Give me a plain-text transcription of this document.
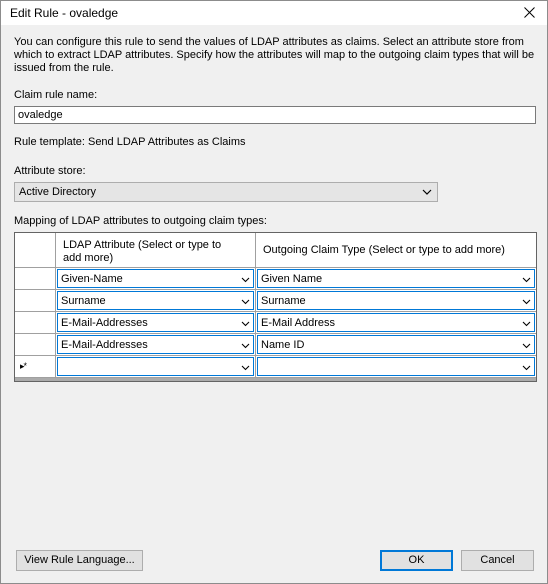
Edit Rule - ovaledge
You can configure this rule to send the values of LDAP attributes as claims. Select an attribute store from which to extract LDAP attributes. Specify how the attributes will map to the outgoing claim types that will be issued from the rule.
Claim rule name:
ovaledge
Rule template: Send LDAP Attributes as Claims
Attribute store:
Active Directory
Mapping of LDAP attributes to outgoing claim types:
LDAP Attribute (Select or type to add more)
Outgoing Claim Type (Select or type to add more)
Given-Name	Given Name
Surname	Surname
E-Mail-Addresses	E-Mail Address
E-Mail-Addresses	Name ID
▸*
View Rule Language...	OK	Cancel
